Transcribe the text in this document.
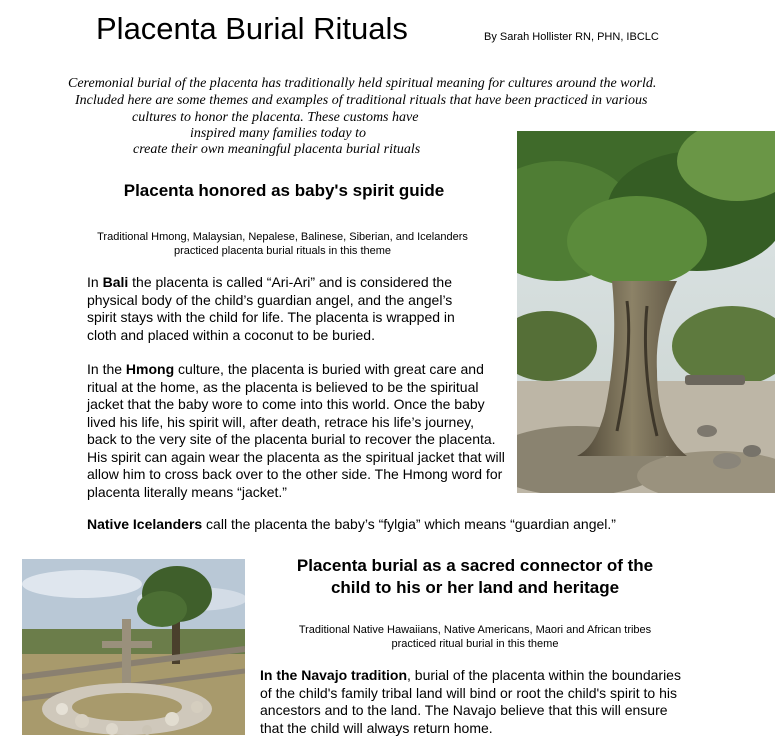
Placenta Burial Rituals	By Sarah Hollister RN, PHN, IBCLC
Ceremonial burial of the placenta has traditionally held spiritual meaning for cultures around the world.
Included here are some themes and examples of traditional rituals that have been practiced in various
cultures to honor the placenta. These customs have
inspired many families today to
create their own meaningful placenta burial rituals
Placenta honored as baby's spirit guide
Traditional Hmong, Malaysian, Nepalese, Balinese, Siberian, and Icelanders
practiced placenta burial rituals in this theme
In Bali the placenta is called “Ari-Ari” and is considered the physical body of the child’s guardian angel, and the angel’s spirit stays with the child for life. The placenta is wrapped in cloth and placed within a coconut to be buried.
In the Hmong culture, the placenta is buried with great care and ritual at the home, as the placenta is believed to be the spiritual jacket that the baby wore to come into this world. Once the baby lived his life, his spirit will, after death, retrace his life’s journey, back to the very site of the placenta burial to recover the placenta. His spirit can again wear the placenta as the spiritual jacket that will allow him to cross back over to the other side. The Hmong word for placenta literally means “jacket.”
Native Icelanders call the placenta the baby’s “fylgia” which means “guardian angel.”
Placenta burial as a sacred connector of the
child to his or her land and heritage
Traditional Native Hawaiians, Native Americans, Maori and African tribes
practiced ritual burial in this theme
In the Navajo tradition, burial of the placenta within the boundaries of the child's family tribal land will bind or root the child's spirit to his ancestors and to the land. The Navajo believe that this will ensure that the child will always return home.
